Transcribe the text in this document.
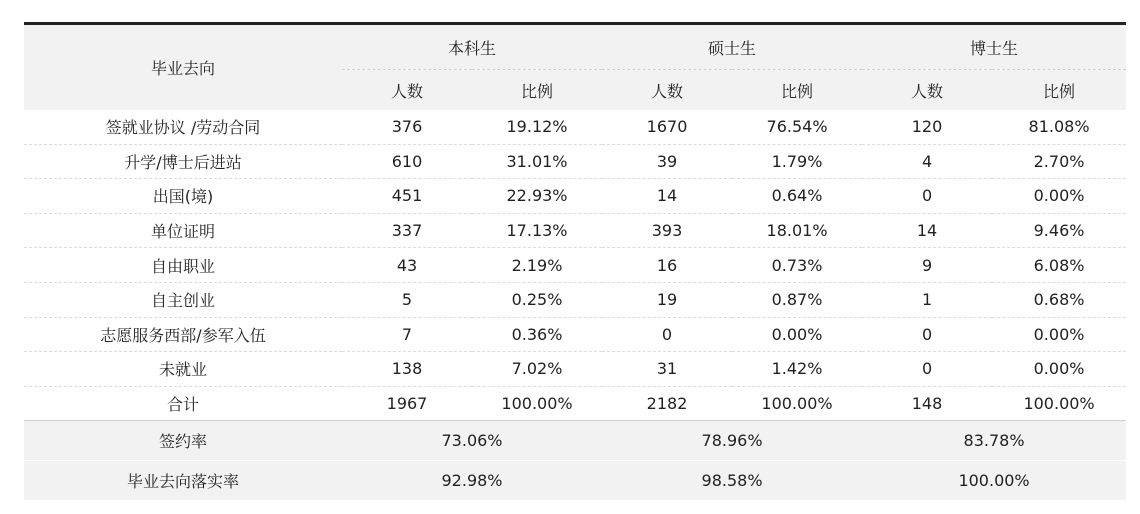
毕业去向	本科生		硕士生		博士生	
	人数	比例	人数	比例	人数	比例
签就业协议 /劳动合同	376	19.12%	1670	76.54%	120	81.08%
升学/博士后进站	610	31.01%	39	1.79%	4	2.70%
出国(境)	451	22.93%	14	0.64%	0	0.00%
单位证明	337	17.13%	393	18.01%	14	9.46%
自由职业	43	2.19%	16	0.73%	9	6.08%
自主创业	5	0.25%	19	0.87%	1	0.68%
志愿服务西部/参军入伍	7	0.36%	0	0.00%	0	0.00%
未就业	138	7.02%	31	1.42%	0	0.00%
合计	1967	100.00%	2182	100.00%	148	100.00%
签约率	73.06%		78.96%		83.78%	
毕业去向落实率	92.98%		98.58%		100.00%	
